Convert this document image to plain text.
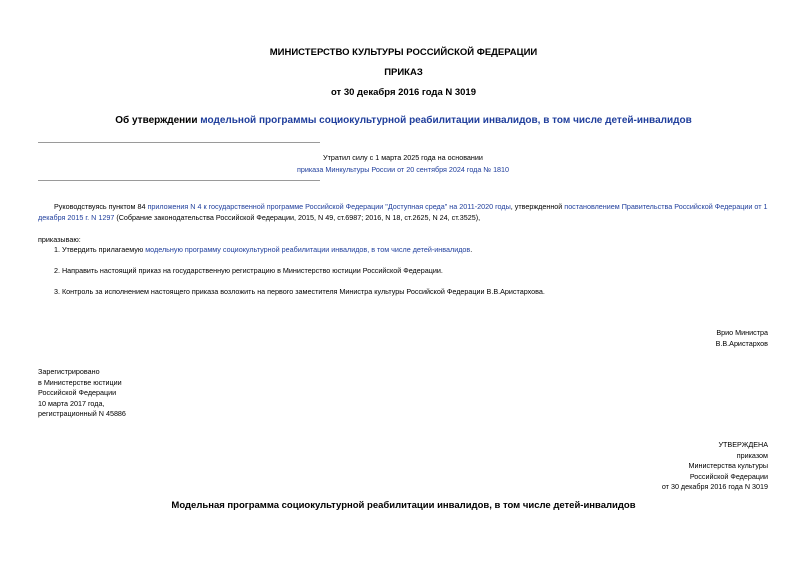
МИНИСТЕРСТВО КУЛЬТУРЫ РОССИЙСКОЙ ФЕДЕРАЦИИ
ПРИКАЗ
от 30 декабря 2016 года N 3019
Об утверждении модельной программы социокультурной реабилитации инвалидов, в том числе детей-инвалидов
Утратил силу с 1 марта 2025 года на основании
приказа Минкультуры России от 20 сентября 2024 года № 1810
Руководствуясь пунктом 84 приложения N 4 к государственной программе Российской Федерации "Доступная среда" на 2011-2020 годы, утвержденной постановлением Правительства Российской Федерации от 1 декабря 2015 г. N 1297 (Собрание законодательства Российской Федерации, 2015, N 49, ст.6987; 2016, N 18, ст.2625, N 24, ст.3525),
приказываю:
1. Утвердить прилагаемую модельную программу социокультурной реабилитации инвалидов, в том числе детей-инвалидов.
2. Направить настоящий приказ на государственную регистрацию в Министерство юстиции Российской Федерации.
3. Контроль за исполнением настоящего приказа возложить на первого заместителя Министра культуры Российской Федерации В.В.Аристархова.
Врио Министра
В.В.Аристархов
Зарегистрировано
в Министерстве юстиции
Российской Федерации
10 марта 2017 года,
регистрационный N 45886
УТВЕРЖДЕНА
приказом
Министерства культуры
Российской Федерации
от 30 декабря 2016 года N 3019
Модельная программа социокультурной реабилитации инвалидов, в том числе детей-инвалидов
